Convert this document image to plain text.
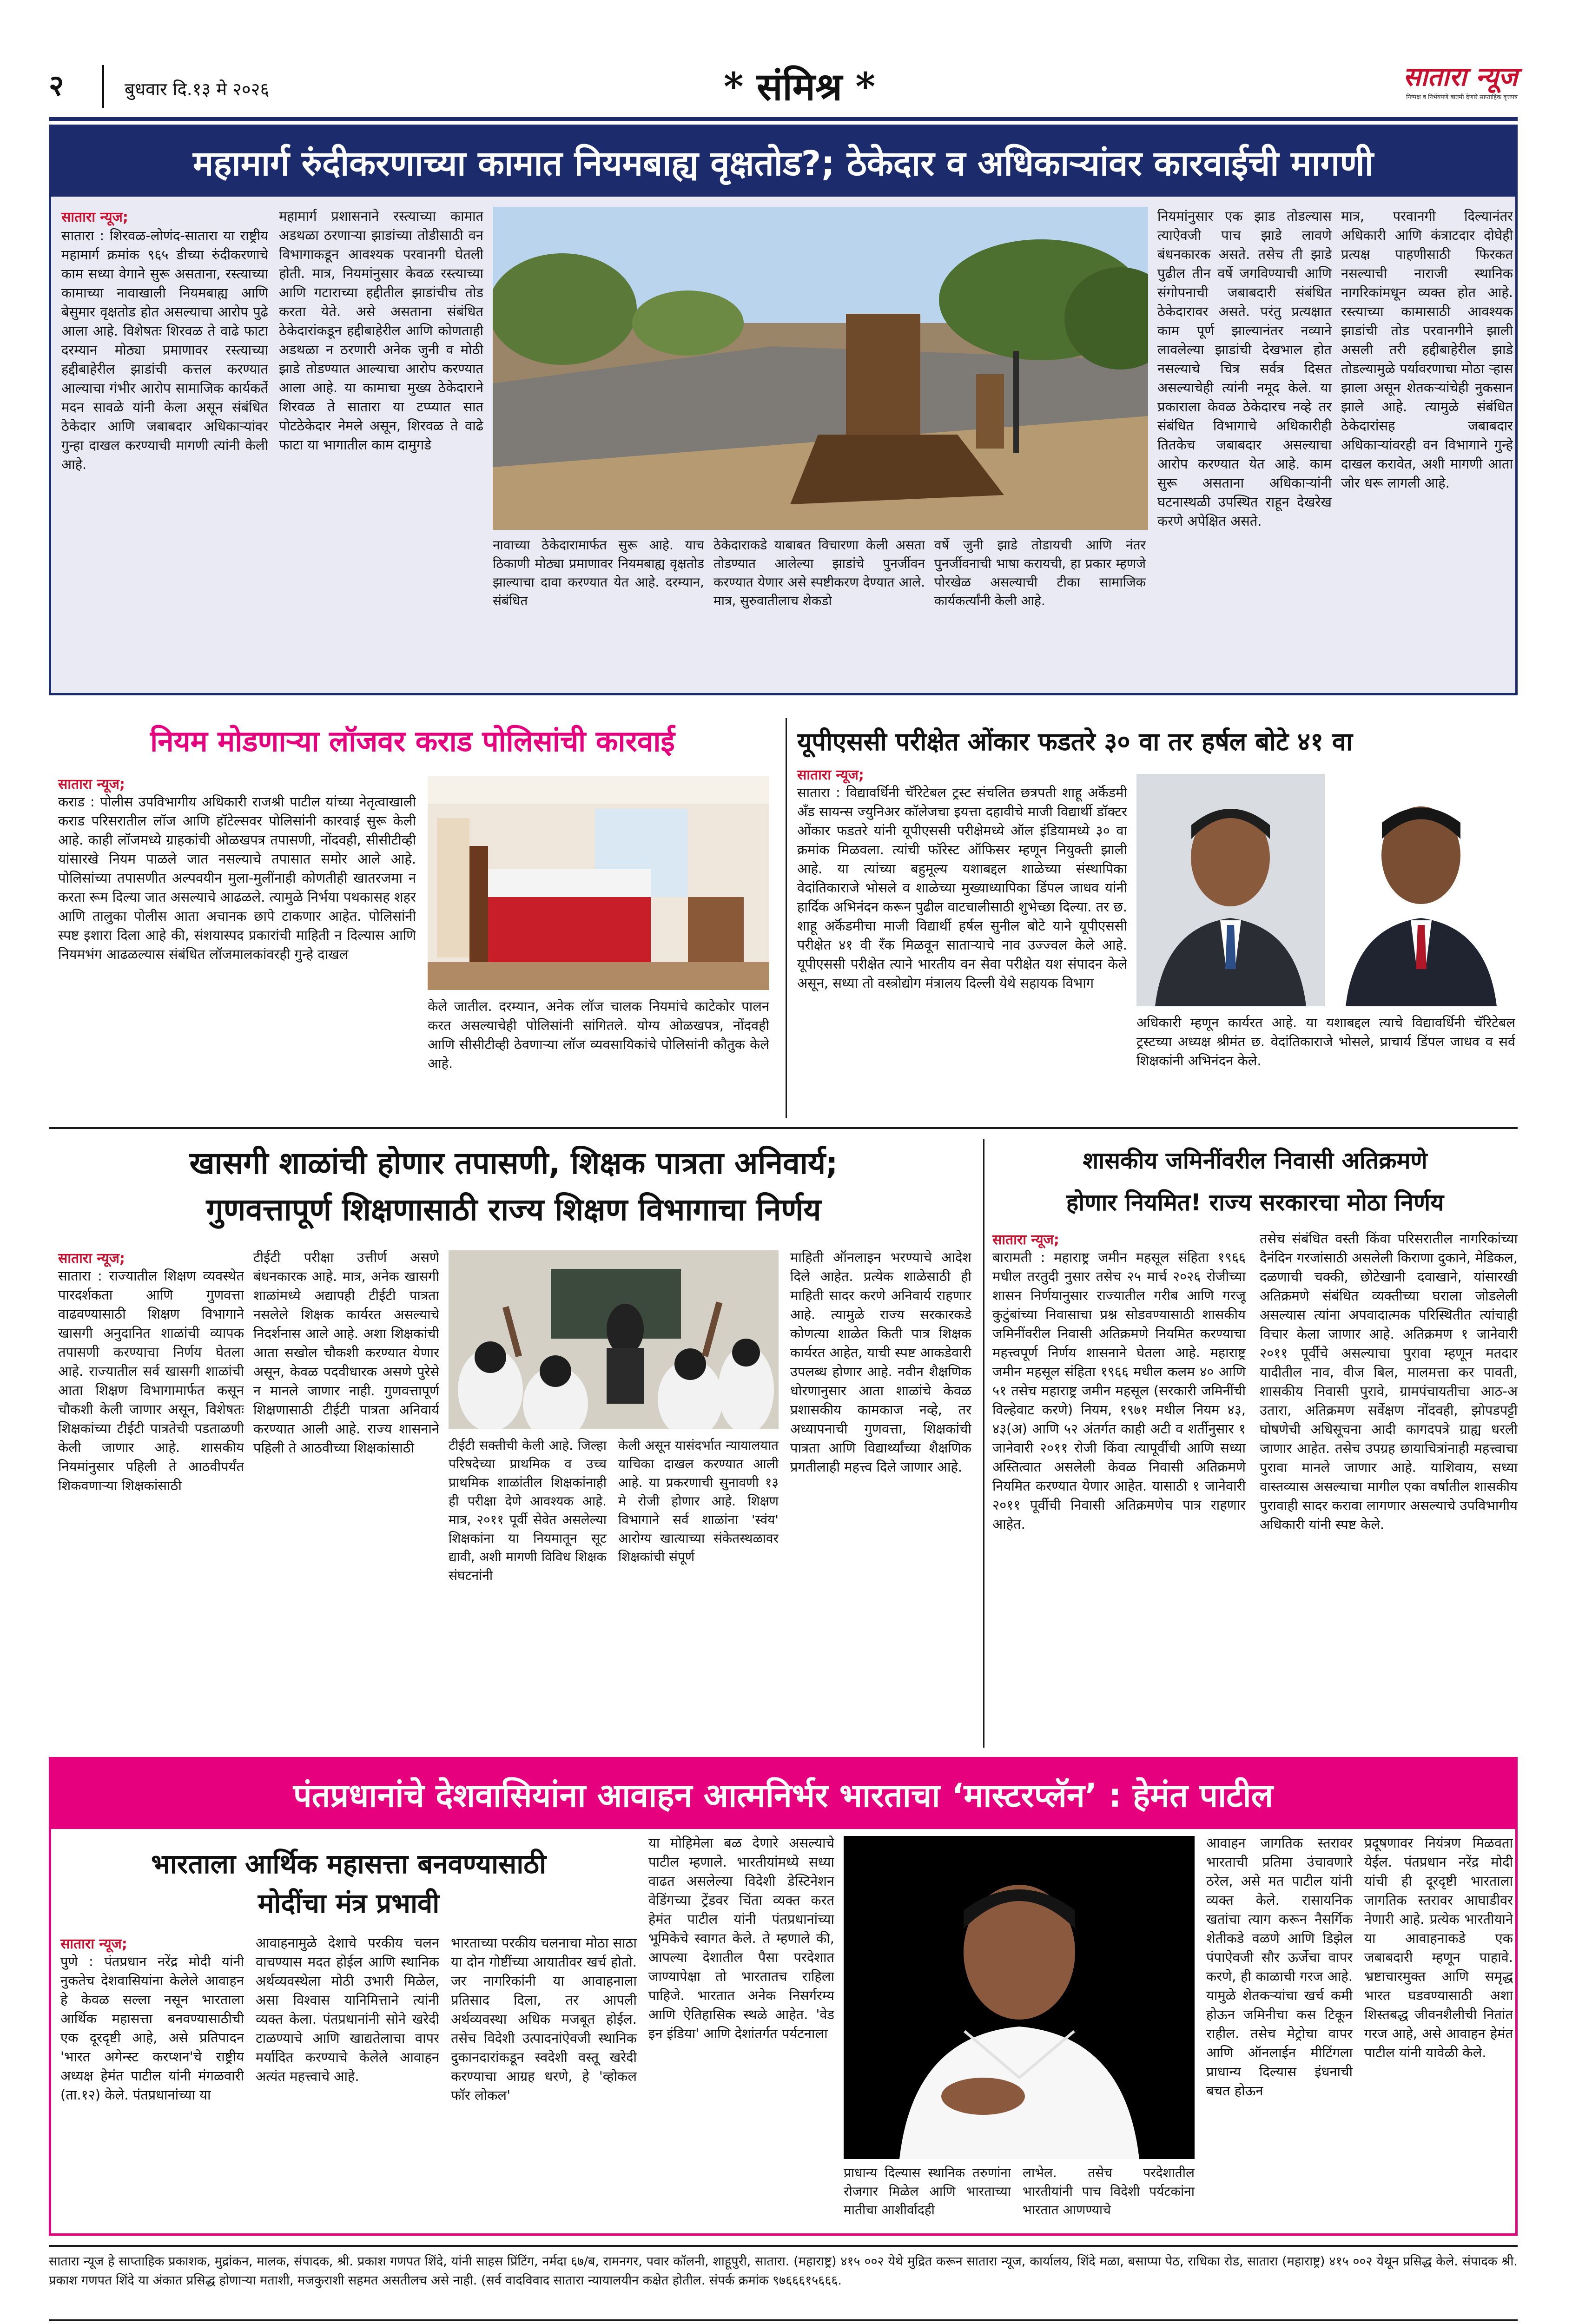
२	बुधवार दि.१३ मे २०२६	* संमिश्र *	सातारा न्यूज
निष्पक्ष व निर्भयपणे बातमी देणारे साप्ताहिक वृत्तपत्र
महामार्ग रुंदीकरणाच्या कामात नियमबाह्य वृक्षतोड?; ठेकेदार व अधिकाऱ्यांवर कारवाईची मागणी
सातारा न्यूज;
सातारा : शिरवळ-लोणंद-सातारा या राष्ट्रीय महामार्ग क्रमांक ९६५ डीच्या रुंदीकरणाचे काम सध्या वेगाने सुरू असताना, रस्त्याच्या कामाच्या नावाखाली नियमबाह्य आणि बेसुमार वृक्षतोड होत असल्याचा आरोप पुढे आला आहे. विशेषतः शिरवळ ते वाढे फाटा दरम्यान मोठ्या प्रमाणावर रस्त्याच्या हद्दीबाहेरील झाडांची कत्तल करण्यात आल्याचा गंभीर आरोप सामाजिक कार्यकर्ते मदन सावळे यांनी केला असून संबंधित ठेकेदार आणि जबाबदार अधिकाऱ्यांवर गुन्हा दाखल करण्याची मागणी त्यांनी केली आहे.
महामार्ग प्रशासनाने रस्त्याच्या कामात अडथळा ठरणाऱ्या झाडांच्या तोडीसाठी वन विभागाकडून आवश्यक परवानगी घेतली होती. मात्र, नियमांनुसार केवळ रस्त्याच्या आणि गटाराच्या हद्दीतील झाडांचीच तोड करता येते. असे असताना संबंधित ठेकेदारांकडून हद्दीबाहेरील आणि कोणताही अडथळा न ठरणारी अनेक जुनी व मोठी झाडे तोडण्यात आल्याचा आरोप करण्यात आला आहे. या कामाचा मुख्य ठेकेदाराने शिरवळ ते सातारा या टप्प्यात सात पोटठेकेदार नेमले असून, शिरवळ ते वाढे फाटा या भागातील काम दामुगडे
नावाच्या ठेकेदारामार्फत सुरू आहे. याच ठिकाणी मोठ्या प्रमाणावर नियमबाह्य वृक्षतोड झाल्याचा दावा करण्यात येत आहे. दरम्यान, संबंधित
ठेकेदाराकडे याबाबत विचारणा केली असता तोडण्यात आलेल्या झाडांचे पुनर्जीवन करण्यात येणार असे स्पष्टीकरण देण्यात आले. मात्र, सुरुवातीलाच शेकडो
वर्षे जुनी झाडे तोडायची आणि नंतर पुनर्जीवनाची भाषा करायची, हा प्रकार म्हणजे पोरखेळ असल्याची टीका सामाजिक कार्यकर्त्यांनी केली आहे.
नियमांनुसार एक झाड तोडल्यास त्याऐवजी पाच झाडे लावणे बंधनकारक असते. तसेच ती झाडे पुढील तीन वर्षे जगविण्याची आणि संगोपनाची जबाबदारी संबंधित ठेकेदारावर असते. परंतु प्रत्यक्षात काम पूर्ण झाल्यानंतर नव्याने लावलेल्या झाडांची देखभाल होत नसल्याचे चित्र सर्वत्र दिसत असल्याचेही त्यांनी नमूद केले. या प्रकाराला केवळ ठेकेदारच नव्हे तर संबंधित विभागाचे अधिकारीही तितकेच जबाबदार असल्याचा आरोप करण्यात येत आहे. काम सुरू असताना अधिकाऱ्यांनी घटनास्थळी उपस्थित राहून देखरेख करणे अपेक्षित असते.
मात्र, परवानगी दिल्यानंतर अधिकारी आणि कंत्राटदार दोघेही प्रत्यक्ष पाहणीसाठी फिरकत नसल्याची नाराजी स्थानिक नागरिकांमधून व्यक्त होत आहे. रस्त्याच्या कामासाठी आवश्यक झाडांची तोड परवानगीने झाली असली तरी हद्दीबाहेरील झाडे तोडल्यामुळे पर्यावरणाचा मोठा ऱ्हास झाला असून शेतकऱ्यांचेही नुकसान झाले आहे. त्यामुळे संबंधित ठेकेदारांसह जबाबदार अधिकाऱ्यांवरही वन विभागाने गुन्हे दाखल करावेत, अशी मागणी आता जोर धरू लागली आहे.
नियम मोडणाऱ्या लॉजवर कराड पोलिसांची कारवाई
सातारा न्यूज;
कराड : पोलीस उपविभागीय अधिकारी राजश्री पाटील यांच्या नेतृत्वाखाली कराड परिसरातील लॉज आणि हॉटेल्सवर पोलिसांनी कारवाई सुरू केली आहे. काही लॉजमध्ये ग्राहकांची ओळखपत्र तपासणी, नोंदवही, सीसीटीव्ही यांसारखे नियम पाळले जात नसल्याचे तपासात समोर आले आहे. पोलिसांच्या तपासणीत अल्पवयीन मुला-मुलींनाही कोणतीही खातरजमा न करता रूम दिल्या जात असल्याचे आढळले. त्यामुळे निर्भया पथकासह शहर आणि तालुका पोलीस आता अचानक छापे टाकणार आहेत. पोलिसांनी स्पष्ट इशारा दिला आहे की, संशयास्पद प्रकारांची माहिती न दिल्यास आणि नियमभंग आढळल्यास संबंधित लॉजमालकांवरही गुन्हे दाखल
केले जातील. दरम्यान, अनेक लॉज चालक नियमांचे काटेकोर पालन करत असल्याचेही पोलिसांनी सांगितले. योग्य ओळखपत्र, नोंदवही आणि सीसीटीव्ही ठेवणाऱ्या लॉज व्यवसायिकांचे पोलिसांनी कौतुक केले आहे.
यूपीएससी परीक्षेत ओंकार फडतरे ३० वा तर हर्षल बोटे ४१ वा
सातारा न्यूज;
सातारा : विद्यावर्धिनी चॅरिटेबल ट्रस्ट संचलित छत्रपती शाहू अर्कॅडमी अँड सायन्स ज्युनिअर कॉलेजचा इयत्ता दहावीचे माजी विद्यार्थी डॉक्टर ओंकार फडतरे यांनी यूपीएससी परीक्षेमध्ये ऑल इंडियामध्ये ३० वा क्रमांक मिळवला. त्यांची फॉरेस्ट ऑफिसर म्हणून नियुक्ती झाली आहे. या त्यांच्या बहुमूल्य यशाबद्दल शाळेच्या संस्थापिका वेदांतिकाराजे भोसले व शाळेच्या मुख्याध्यापिका डिंपल जाधव यांनी हार्दिक अभिनंदन करून पुढील वाटचालीसाठी शुभेच्छा दिल्या. तर छ. शाहू अर्कॅडमीचा माजी विद्यार्थी हर्षल सुनील बोटे याने यूपीएससी परीक्षेत ४१ वी रँक मिळवून साताऱ्याचे नाव उज्ज्वल केले आहे. यूपीएससी परीक्षेत त्याने भारतीय वन सेवा परीक्षेत यश संपादन केले असून, सध्या तो वस्त्रोद्योग मंत्रालय दिल्ली येथे सहायक विभाग
अधिकारी म्हणून कार्यरत आहे. या यशाबद्दल त्याचे विद्यावर्धिनी चॅरिटेबल ट्रस्टच्या अध्यक्ष श्रीमंत छ. वेदांतिकाराजे भोसले, प्राचार्य डिंपल जाधव व सर्व शिक्षकांनी अभिनंदन केले.
खासगी शाळांची होणार तपासणी, शिक्षक पात्रता अनिवार्य;
गुणवत्तापूर्ण शिक्षणासाठी राज्य शिक्षण विभागाचा निर्णय
सातारा न्यूज;
सातारा : राज्यातील शिक्षण व्यवस्थेत पारदर्शकता आणि गुणवत्ता वाढवण्यासाठी शिक्षण विभागाने खासगी अनुदानित शाळांची व्यापक तपासणी करण्याचा निर्णय घेतला आहे. राज्यातील सर्व खासगी शाळांची आता शिक्षण विभागामार्फत कसून चौकशी केली जाणार असून, विशेषतः शिक्षकांच्या टीईटी पात्रतेची पडताळणी केली जाणार आहे. शासकीय नियमांनुसार पहिली ते आठवीपर्यंत शिकवणाऱ्या शिक्षकांसाठी
टीईटी परीक्षा उत्तीर्ण असणे बंधनकारक आहे. मात्र, अनेक खासगी शाळांमध्ये अद्यापही टीईटी पात्रता नसलेले शिक्षक कार्यरत असल्याचे निदर्शनास आले आहे. अशा शिक्षकांची आता सखोल चौकशी करण्यात येणार असून, केवळ पदवीधारक असणे पुरेसे न मानले जाणार नाही. गुणवत्तापूर्ण शिक्षणासाठी टीईटी पात्रता अनिवार्य करण्यात आली आहे. राज्य शासनाने पहिली ते आठवीच्या शिक्षकांसाठी	टीईटी सक्तीची केली आहे. जिल्हा परिषदेच्या प्राथमिक व उच्च प्राथमिक शाळांतील शिक्षकांनाही ही परीक्षा देणे आवश्यक आहे. मात्र, २०११ पूर्वी सेवेत असलेल्या शिक्षकांना या नियमातून सूट द्यावी, अशी मागणी विविध शिक्षक संघटनांनी
केली असून यासंदर्भात न्यायालयात याचिका दाखल करण्यात आली आहे. या प्रकरणाची सुनावणी १३ मे रोजी होणार आहे. शिक्षण विभागाने सर्व शाळांना 'स्वंय' आरोग्य खात्याच्या संकेतस्थळावर शिक्षकांची संपूर्ण
माहिती ऑनलाइन भरण्याचे आदेश दिले आहेत. प्रत्येक शाळेसाठी ही माहिती सादर करणे अनिवार्य राहणार आहे. त्यामुळे राज्य सरकारकडे कोणत्या शाळेत किती पात्र शिक्षक कार्यरत आहेत, याची स्पष्ट आकडेवारी उपलब्ध होणार आहे. नवीन शैक्षणिक धोरणानुसार आता शाळांचे केवळ प्रशासकीय कामकाज नव्हे, तर अध्यापनाची गुणवत्ता, शिक्षकांची पात्रता आणि विद्यार्थ्यांच्या शैक्षणिक प्रगतीलाही महत्त्व दिले जाणार आहे.
शासकीय जमिनींवरील निवासी अतिक्रमणे
होणार नियमित! राज्य सरकारचा मोठा निर्णय
सातारा न्यूज;
बारामती : महाराष्ट्र जमीन महसूल संहिता १९६६ मधील तरतुदी नुसार तसेच २५ मार्च २०२६ रोजीच्या शासन निर्णयानुसार राज्यातील गरीब आणि गरजू कुटुंबांच्या निवासाचा प्रश्न सोडवण्यासाठी शासकीय जमिनींवरील निवासी अतिक्रमणे नियमित करण्याचा महत्त्वपूर्ण निर्णय शासनाने घेतला आहे. महाराष्ट्र जमीन महसूल संहिता १९६६ मधील कलम ४० आणि ५१ तसेच महाराष्ट्र जमीन महसूल (सरकारी जमिनींची विल्हेवाट करणे) नियम, १९७१ मधील नियम ४३, ४३(अ) आणि ५२ अंतर्गत काही अटी व शर्तीनुसार १ जानेवारी २०११ रोजी किंवा त्यापूर्वीची आणि सध्या अस्तित्वात असलेली केवळ निवासी अतिक्रमणे नियमित करण्यात येणार आहेत. यासाठी १ जानेवारी २०११ पूर्वीची निवासी अतिक्रमणेच पात्र राहणार आहेत.
तसेच संबंधित वस्ती किंवा परिसरातील नागरिकांच्या दैनंदिन गरजांसाठी असलेली किराणा दुकाने, मेडिकल, दळणाची चक्की, छोटेखानी दवाखाने, यांसारखी अतिक्रमणे संबंधित व्यक्तीच्या घराला जोडलेली असल्यास त्यांना अपवादात्मक परिस्थितीत त्यांचाही विचार केला जाणार आहे. अतिक्रमण १ जानेवारी २०११ पूर्वीचे असल्याचा पुरावा म्हणून मतदार यादीतील नाव, वीज बिल, मालमत्ता कर पावती, शासकीय निवासी पुरावे, ग्रामपंचायतीचा आठ-अ उतारा, अतिक्रमण सर्वेक्षण नोंदवही, झोपडपट्टी घोषणेची अधिसूचना आदी कागदपत्रे ग्राह्य धरली जाणार आहेत. तसेच उपग्रह छायाचित्रांनाही महत्त्वाचा पुरावा मानले जाणार आहे. याशिवाय, सध्या वास्तव्यास असल्याचा मागील एका वर्षातील शासकीय पुरावाही सादर करावा लागणार असल्याचे उपविभागीय अधिकारी यांनी स्पष्ट केले.
पंतप्रधानांचे देशवासियांना आवाहन आत्मनिर्भर भारताचा ‘मास्टरप्लॅन’ : हेमंत पाटील
भारताला आर्थिक महासत्ता बनवण्यासाठी
मोदींचा मंत्र प्रभावी
सातारा न्यूज;
पुणे : पंतप्रधान नरेंद्र मोदी यांनी नुकतेच देशवासियांना केलेले आवाहन हे केवळ सल्ला नसून भारताला आर्थिक महासत्ता बनवण्यासाठीची एक दूरदृष्टी आहे, असे प्रतिपादन 'भारत अगेन्स्ट करप्शन'चे राष्ट्रीय अध्यक्ष हेमंत पाटील यांनी मंगळवारी (ता.१२) केले. पंतप्रधानांच्या या
आवाहनामुळे देशाचे परकीय चलन वाचण्यास मदत होईल आणि स्थानिक अर्थव्यवस्थेला मोठी उभारी मिळेल, असा विश्वास यानिमित्ताने त्यांनी व्यक्त केला. पंतप्रधानांनी सोने खरेदी टाळण्याचे आणि खाद्यतेलाचा वापर मर्यादित करण्याचे केलेले आवाहन अत्यंत महत्त्वाचे आहे.
भारताच्या परकीय चलनाचा मोठा साठा या दोन गोष्टींच्या आयातीवर खर्च होतो. जर नागरिकांनी या आवाहनाला प्रतिसाद दिला, तर आपली अर्थव्यवस्था अधिक मजबूत होईल. तसेच विदेशी उत्पादनांऐवजी स्थानिक दुकानदारांकडून स्वदेशी वस्तू खरेदी करण्याचा आग्रह धरणे, हे 'व्होकल फॉर लोकल'
या मोहिमेला बळ देणारे असल्याचे पाटील म्हणाले. भारतीयांमध्ये सध्या वाढत असलेल्या विदेशी डेस्टिनेशन वेडिंगच्या ट्रेंडवर चिंता व्यक्त करत हेमंत पाटील यांनी पंतप्रधानांच्या भूमिकेचे स्वागत केले. ते म्हणाले की, आपल्या देशातील पैसा परदेशात जाण्यापेक्षा तो भारतातच राहिला पाहिजे. भारतात अनेक निसर्गरम्य आणि ऐतिहासिक स्थळे आहेत. 'वेड इन इंडिया' आणि देशांतर्गत पर्यटनाला
प्राधान्य दिल्यास स्थानिक तरुणांना रोजगार मिळेल आणि भारताच्या मातीचा आशीर्वादही
लाभेल. तसेच परदेशातील भारतीयांनी पाच विदेशी पर्यटकांना भारतात आणण्याचे
आवाहन जागतिक स्तरावर भारताची प्रतिमा उंचावणारे ठरेल, असे मत पाटील यांनी व्यक्त केले. रासायनिक खतांचा त्याग करून नैसर्गिक शेतीकडे वळणे आणि डिझेल पंपाऐवजी सौर ऊर्जेचा वापर करणे, ही काळाची गरज आहे. यामुळे शेतकऱ्यांचा खर्च कमी होऊन जमिनीचा कस टिकून राहील. तसेच मेट्रोचा वापर आणि ऑनलाईन मीटिंगला प्राधान्य दिल्यास इंधनाची बचत होऊन
प्रदूषणावर नियंत्रण मिळवता येईल. पंतप्रधान नरेंद्र मोदी यांची ही दूरदृष्टी भारताला जागतिक स्तरावर आघाडीवर नेणारी आहे. प्रत्येक भारतीयाने या आवाहनाकडे एक जबाबदारी म्हणून पाहावे. भ्रष्टाचारमुक्त आणि समृद्ध भारत घडवण्यासाठी अशा शिस्तबद्ध जीवनशैलीची नितांत गरज आहे, असे आवाहन हेमंत पाटील यांनी यावेळी केले.
सातारा न्यूज हे साप्ताहिक प्रकाशक, मुद्रांकन, मालक, संपादक, श्री. प्रकाश गणपत शिंदे, यांनी साहस प्रिंटिंग, नर्मदा ६७/ब, रामनगर, पवार कॉलनी, शाहूपुरी, सातारा. (महाराष्ट्र) ४१५ ००२ येथे मुद्रित करून सातारा न्यूज, कार्यालय, शिंदे मळा, बसाप्पा पेठ, राधिका रोड, सातारा (महाराष्ट्र) ४१५ ००२ येथून प्रसिद्ध केले. संपादक श्री. प्रकाश गणपत शिंदे या अंकात प्रसिद्ध होणाऱ्या मताशी, मजकुराशी सहमत असतीलच असे नाही. (सर्व वादविवाद सातारा न्यायालयीन कक्षेत होतील. संपर्क क्रमांक ९७६६६१५६६६.
